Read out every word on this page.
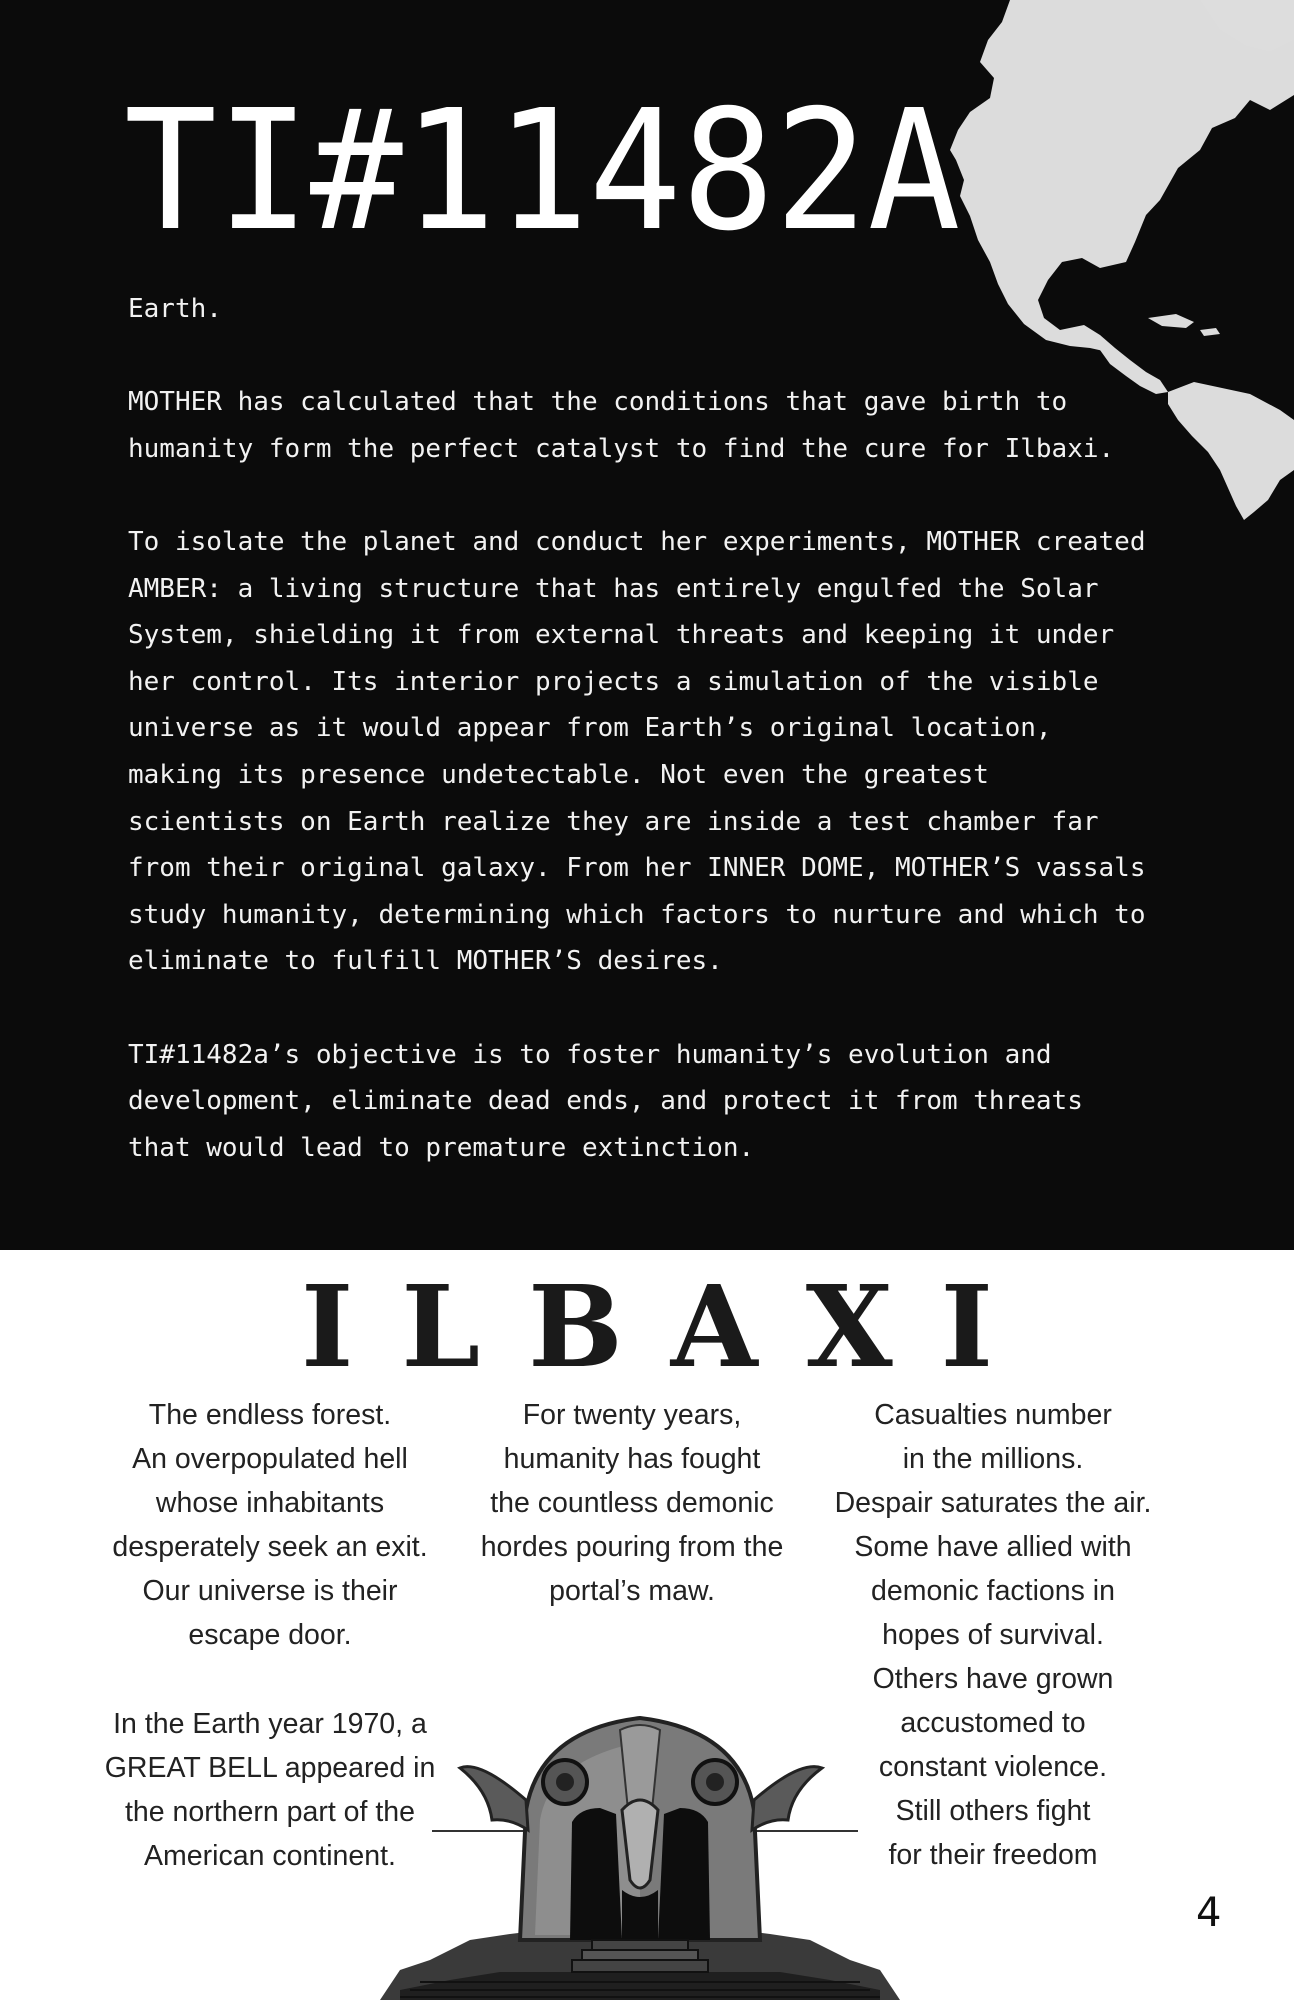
TI#11482A

Earth.

MOTHER has calculated that the conditions that gave birth to
humanity form the perfect catalyst to find the cure for Ilbaxi.

To isolate the planet and conduct her experiments, MOTHER created
AMBER: a living structure that has entirely engulfed the Solar
System, shielding it from external threats and keeping it under
her control. Its interior projects a simulation of the visible
universe as it would appear from Earth’s original location,
making its presence undetectable. Not even the greatest
scientists on Earth realize they are inside a test chamber far
from their original galaxy. From her INNER DOME, MOTHER’S vassals
study humanity, determining which factors to nurture and which to
eliminate to fulfill MOTHER’S desires.

TI#11482a’s objective is to foster humanity’s evolution and
development, eliminate dead ends, and protect it from threats
that would lead to premature extinction.

ILBAXI
The endless forest.
An overpopulated hell
whose inhabitants
desperately seek an exit.
Our universe is their
escape door.
In the Earth year 1970, a
GREAT BELL appeared in
the northern part of the
American continent.
For twenty years,
humanity has fought
the countless demonic
hordes pouring from the
portal’s maw.
Casualties number
in the millions.
Despair saturates the air.
Some have allied with
demonic factions in
hopes of survival.
Others have grown
accustomed to
constant violence.
Still others fight
for their freedom
4
